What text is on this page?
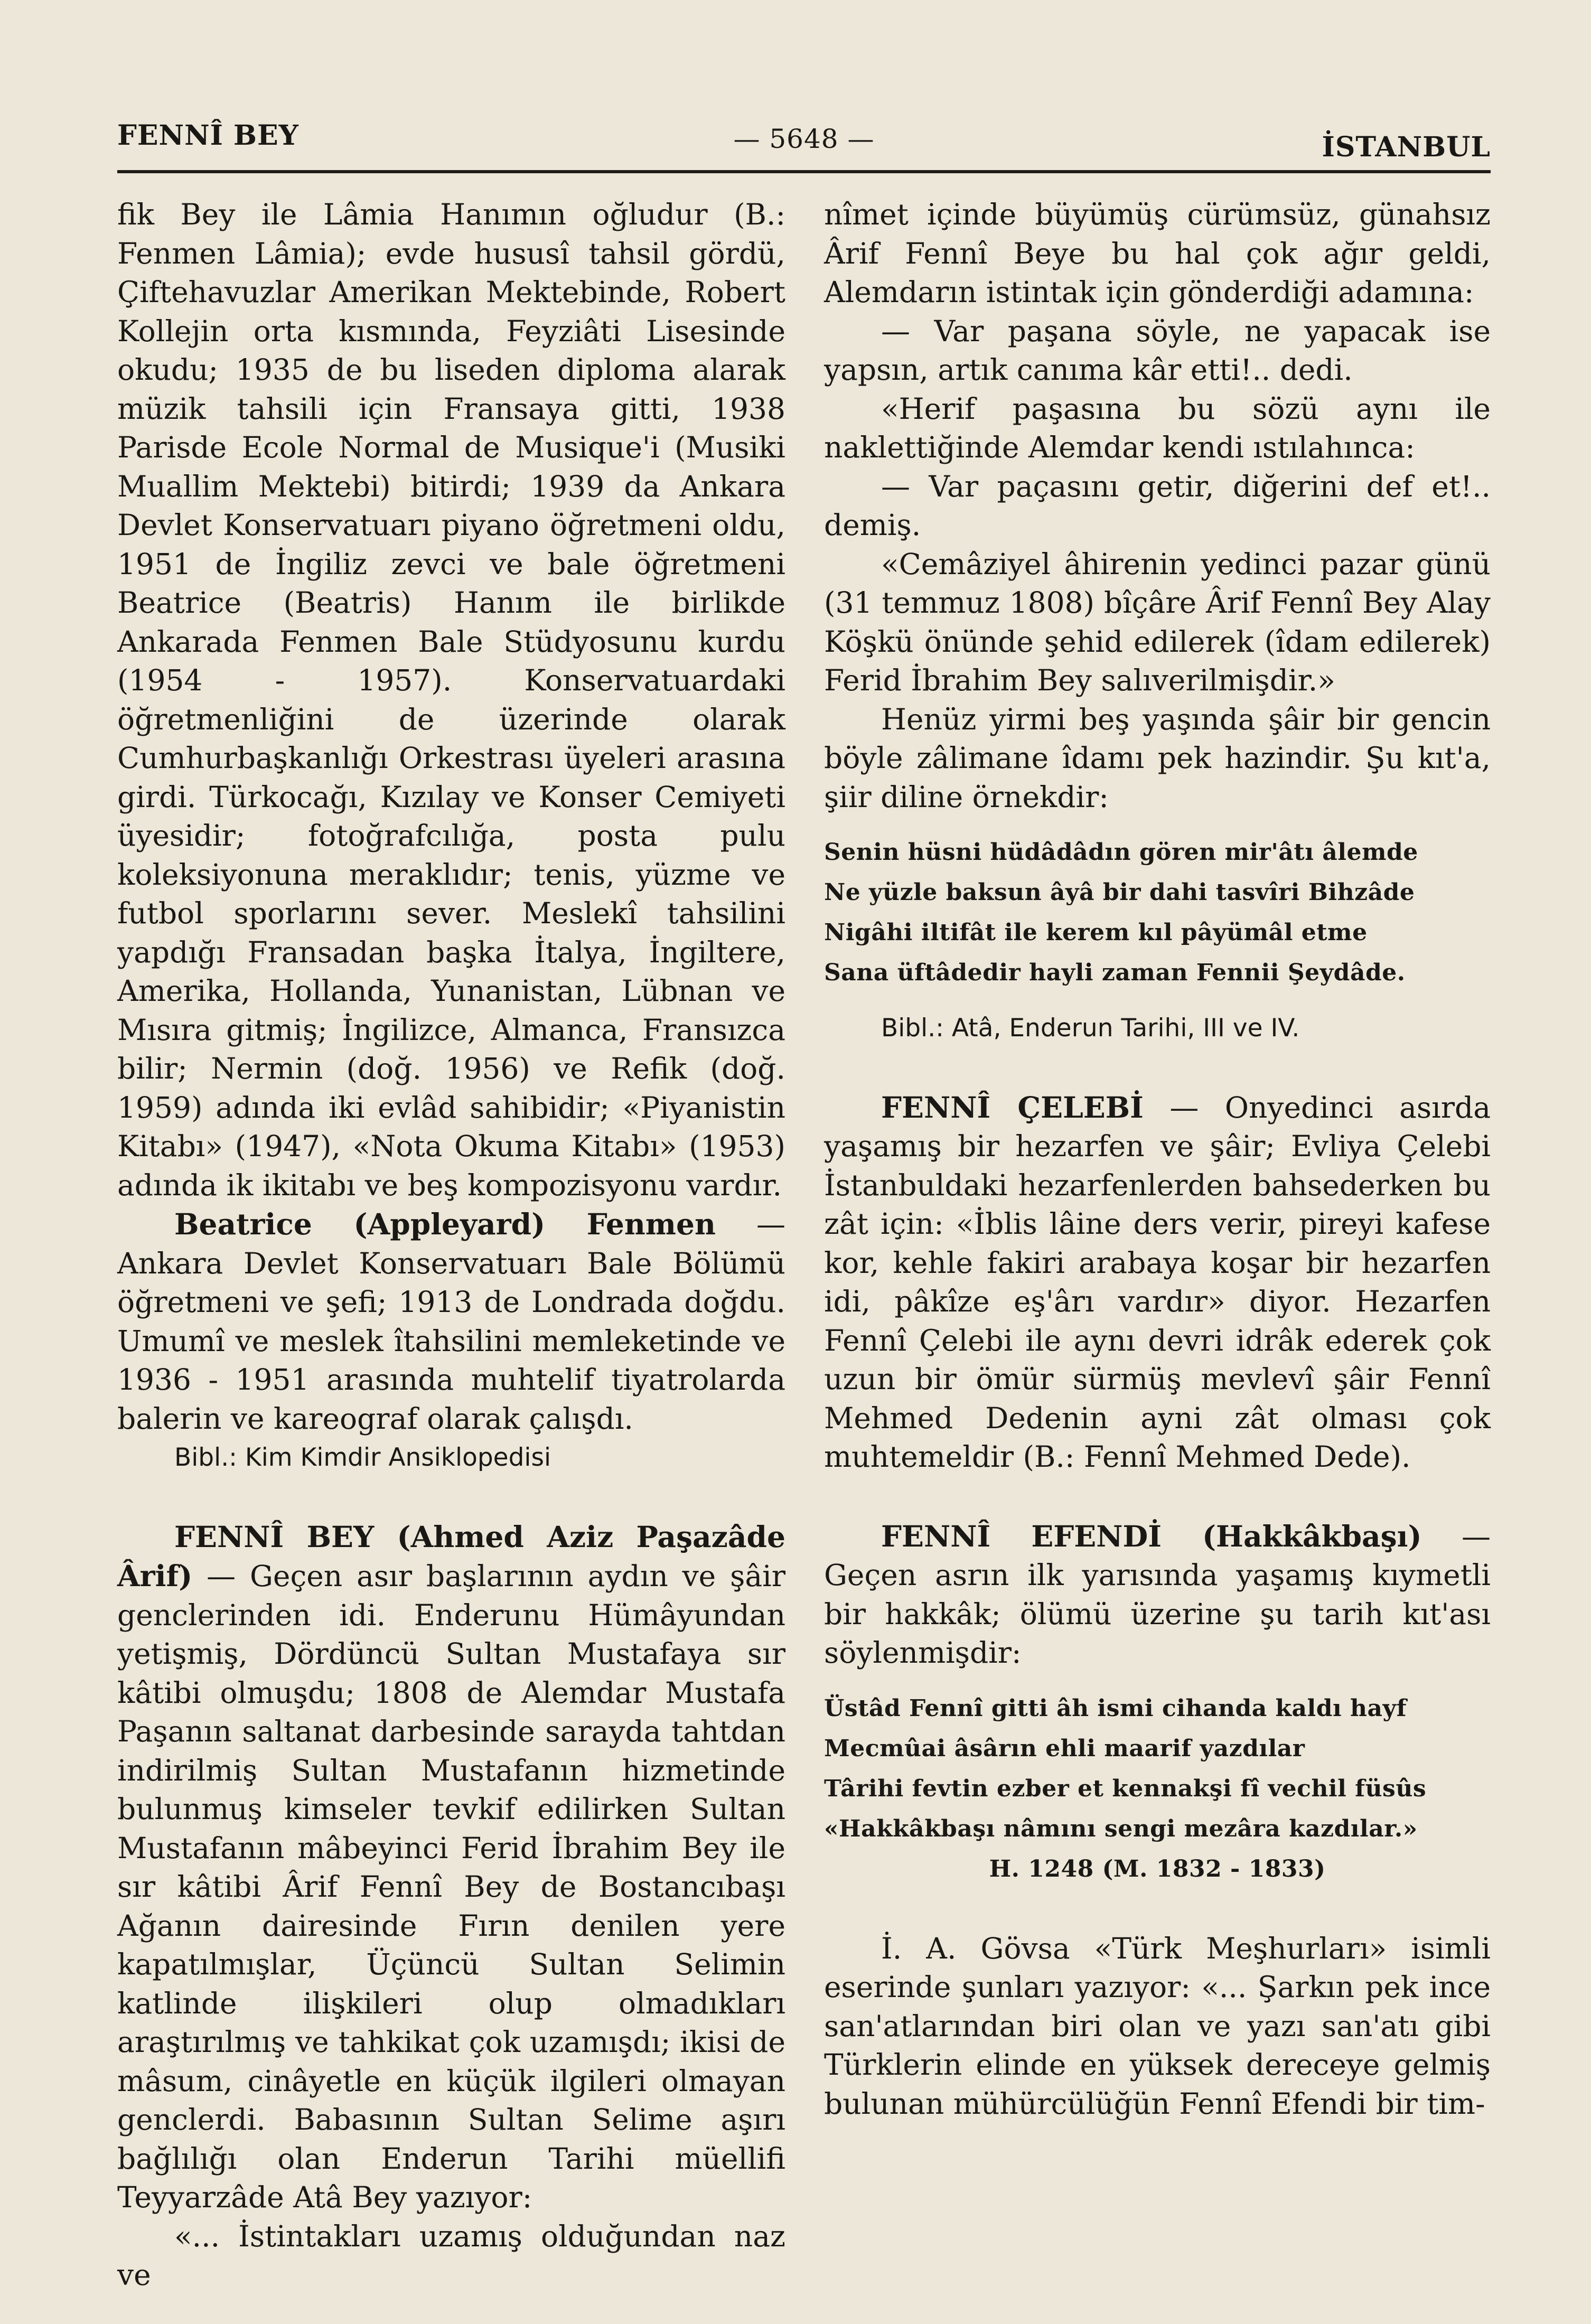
FENNÎ BEY	— 5648 —	İSTANBUL

fik Bey ile Lâmia Hanımın oğludur (B.: Fenmen Lâmia); evde hususî tahsil gördü, Çiftehavuzlar Amerikan Mektebinde, Robert Kollejin orta kısmında, Feyziâti Lisesinde okudu; 1935 de bu liseden diploma alarak müzik tahsili için Fransaya gitti, 1938 Parisde Ecole Normal de Musique'i (Musiki Muallim Mektebi) bitirdi; 1939 da Ankara Devlet Konservatuarı piyano öğretmeni oldu, 1951 de İngiliz zevci ve bale öğretmeni Beatrice (Beatris) Hanım ile birlikde Ankarada Fenmen Bale Stüdyosunu kurdu (1954 - 1957). Konservatuardaki öğretmenliğini de üzerinde olarak Cumhurbaşkanlığı Orkestrası üyeleri arasına girdi. Türkocağı, Kızılay ve Konser Cemiyeti üyesidir; fotoğrafcılığa, posta pulu koleksiyonuna meraklıdır; tenis, yüzme ve futbol sporlarını sever. Meslekî tahsilini yapdığı Fransadan başka İtalya, İngiltere, Amerika, Hollanda, Yunanistan, Lübnan ve Mısıra gitmiş; İngilizce, Almanca, Fransızca bilir; Nermin (doğ. 1956) ve Refik (doğ. 1959) adında iki evlâd sahibidir; «Piyanistin Kitabı» (1947), «Nota Okuma Kitabı» (1953) adında ik ikitabı ve beş kompozisyonu vardır.

Beatrice (Appleyard) Fenmen — Ankara Devlet Konservatuarı Bale Bölümü öğretmeni ve şefi; 1913 de Londrada doğdu. Umumî ve meslek îtahsilini memleketinde ve 1936 - 1951 arasında muhtelif tiyatrolarda balerin ve kareograf olarak çalışdı.

Bibl.: Kim Kimdir Ansiklopedisi

FENNÎ BEY (Ahmed Aziz Paşazâde Ârif) — Geçen asır başlarının aydın ve şâir genclerinden idi. Enderunu Hümâyundan yetişmiş, Dördüncü Sultan Mustafaya sır kâtibi olmuşdu; 1808 de Alemdar Mustafa Paşanın saltanat darbesinde sarayda tahtdan indirilmiş Sultan Mustafanın hizmetinde bulunmuş kimseler tevkif edilirken Sultan Mustafanın mâbeyinci Ferid İbrahim Bey ile sır kâtibi Ârif Fennî Bey de Bostancıbaşı Ağanın dairesinde Fırın denilen yere kapatılmışlar, Üçüncü Sultan Selimin katlinde ilişkileri olup olmadıkları araştırılmış ve tahkikat çok uzamışdı; ikisi de mâsum, cinâyetle en küçük ilgileri olmayan genclerdi. Babasının Sultan Selime aşırı bağlılığı olan Enderun Tarihi müellifi Teyyarzâde Atâ Bey yazıyor:

«... İstintakları uzamış olduğundan naz ve

nîmet içinde büyümüş cürümsüz, günahsız Ârif Fennî Beye bu hal çok ağır geldi, Alemdarın istintak için gönderdiği adamına:

— Var paşana söyle, ne yapacak ise yapsın, artık canıma kâr etti!.. dedi.

«Herif paşasına bu sözü aynı ile naklettiğinde Alemdar kendi ıstılahınca:

— Var paçasını getir, diğerini def et!.. demiş.

«Cemâziyel âhirenin yedinci pazar günü (31 temmuz 1808) bîçâre Ârif Fennî Bey Alay Köşkü önünde şehid edilerek (îdam edilerek) Ferid İbrahim Bey salıverilmişdir.»

Henüz yirmi beş yaşında şâir bir gencin böyle zâlimane îdamı pek hazindir. Şu kıt'a, şiir diline örnekdir:

Senin hüsni hüdâdâdın gören mir'âtı âlemde
Ne yüzle baksun âyâ bir dahi tasvîri Bihzâde
Nigâhi iltifât ile kerem kıl pâyümâl etme
Sana üftâdedir hayli zaman Fennii Şeydâde.

Bibl.: Atâ, Enderun Tarihi, III ve IV.

FENNÎ ÇELEBİ — Onyedinci asırda yaşamış bir hezarfen ve şâir; Evliya Çelebi İstanbuldaki hezarfenlerden bahsederken bu zât için: «İblis lâine ders verir, pireyi kafese kor, kehle fakiri arabaya koşar bir hezarfen idi, pâkîze eş'ârı vardır» diyor. Hezarfen Fennî Çelebi ile aynı devri idrâk ederek çok uzun bir ömür sürmüş mevlevî şâir Fennî Mehmed Dedenin ayni zât olması çok muhtemeldir (B.: Fennî Mehmed Dede).

FENNÎ EFENDİ (Hakkâkbaşı) — Geçen asrın ilk yarısında yaşamış kıymetli bir hakkâk; ölümü üzerine şu tarih kıt'ası söylenmişdir:

Üstâd Fennî gitti âh ismi cihanda kaldı hayf
Mecmûai âsârın ehli maarif yazdılar
Târihi fevtin ezber et kennakşi fî vechil füsûs
«Hakkâkbaşı nâmını sengi mezâra kazdılar.»
H. 1248 (M. 1832 - 1833)

İ. A. Gövsa «Türk Meşhurları» isimli eserinde şunları yazıyor: «... Şarkın pek ince san'atlarından biri olan ve yazı san'atı gibi Türklerin elinde en yüksek dereceye gelmiş bulunan mühürcülüğün Fennî Efendi bir tim-
